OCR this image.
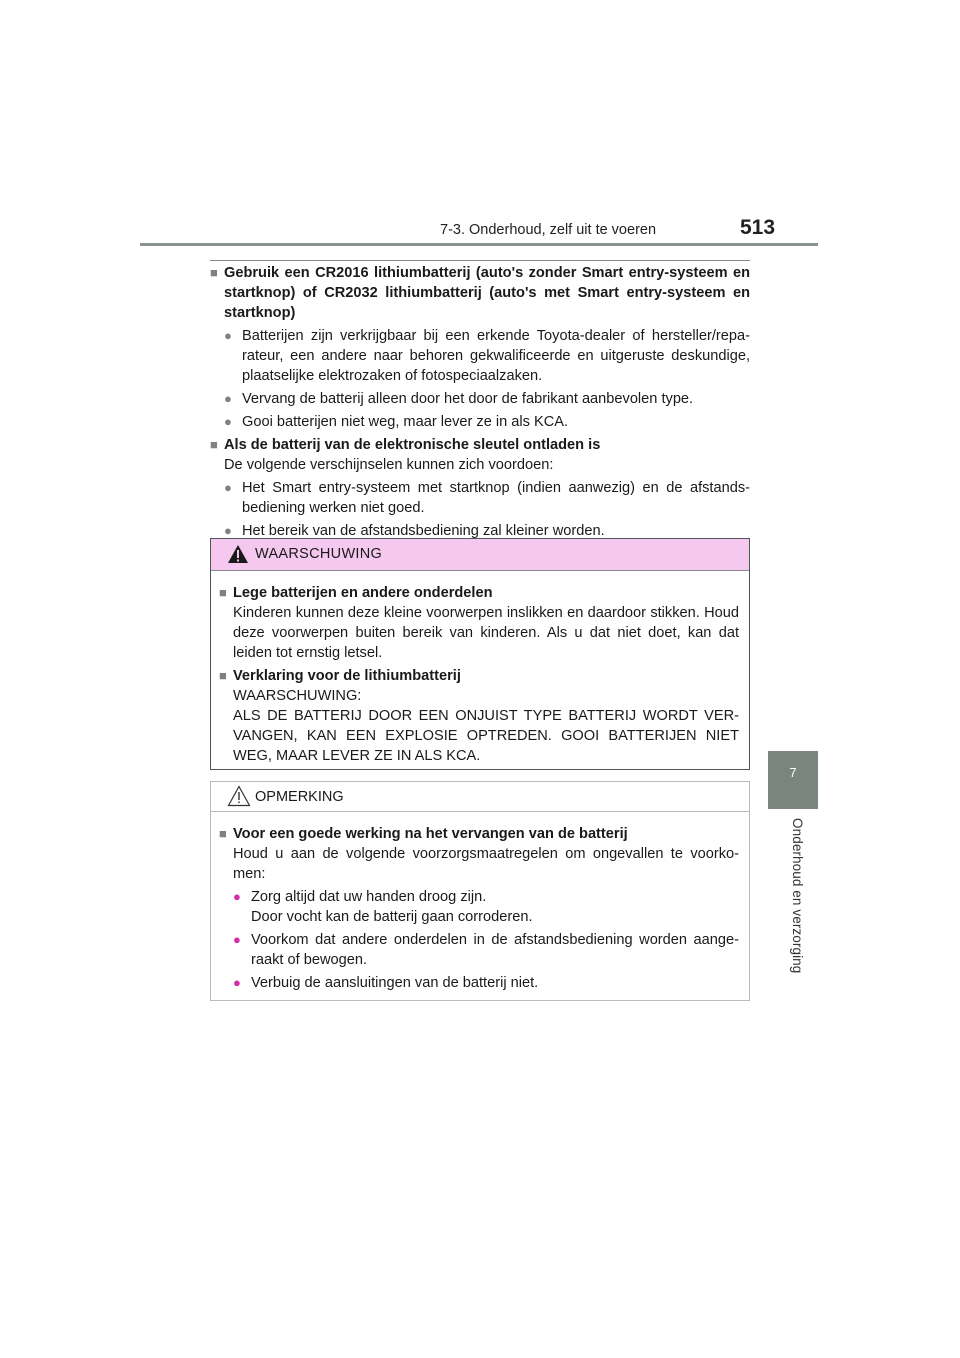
7-3. Onderhoud, zelf uit te voeren	513
7
Onderhoud en verzorging
■ Gebruik een CR2016 lithiumbatterij (auto's zonder Smart entry-systeem en startknop) of CR2032 lithiumbatterij (auto's met Smart entry-systeem en startknop)
● Batterijen zijn verkrijgbaar bij een erkende Toyota-dealer of hersteller/repa- rateur, een andere naar behoren gekwalificeerde en uitgeruste deskundige, plaatselijke elektrozaken of fotospeciaalzaken.
● Vervang de batterij alleen door het door de fabrikant aanbevolen type.
● Gooi batterijen niet weg, maar lever ze in als KCA.
■ Als de batterij van de elektronische sleutel ontladen is
De volgende verschijnselen kunnen zich voordoen:
● Het Smart entry-systeem met startknop (indien aanwezig) en de afstands- bediening werken niet goed.
● Het bereik van de afstandsbediening zal kleiner worden.
WAARSCHUWING
■ Lege batterijen en andere onderdelen
Kinderen kunnen deze kleine voorwerpen inslikken en daardoor stikken. Houd deze voorwerpen buiten bereik van kinderen. Als u dat niet doet, kan dat leiden tot ernstig letsel.
■ Verklaring voor de lithiumbatterij
WAARSCHUWING:
ALS DE BATTERIJ DOOR EEN ONJUIST TYPE BATTERIJ WORDT VER- VANGEN, KAN EEN EXPLOSIE OPTREDEN. GOOI BATTERIJEN NIET WEG, MAAR LEVER ZE IN ALS KCA.
OPMERKING
■ Voor een goede werking na het vervangen van de batterij
Houd u aan de volgende voorzorgsmaatregelen om ongevallen te voorko- men:
● Zorg altijd dat uw handen droog zijn.
Door vocht kan de batterij gaan corroderen.
● Voorkom dat andere onderdelen in de afstandsbediening worden aange- raakt of bewogen.
● Verbuig de aansluitingen van de batterij niet.
